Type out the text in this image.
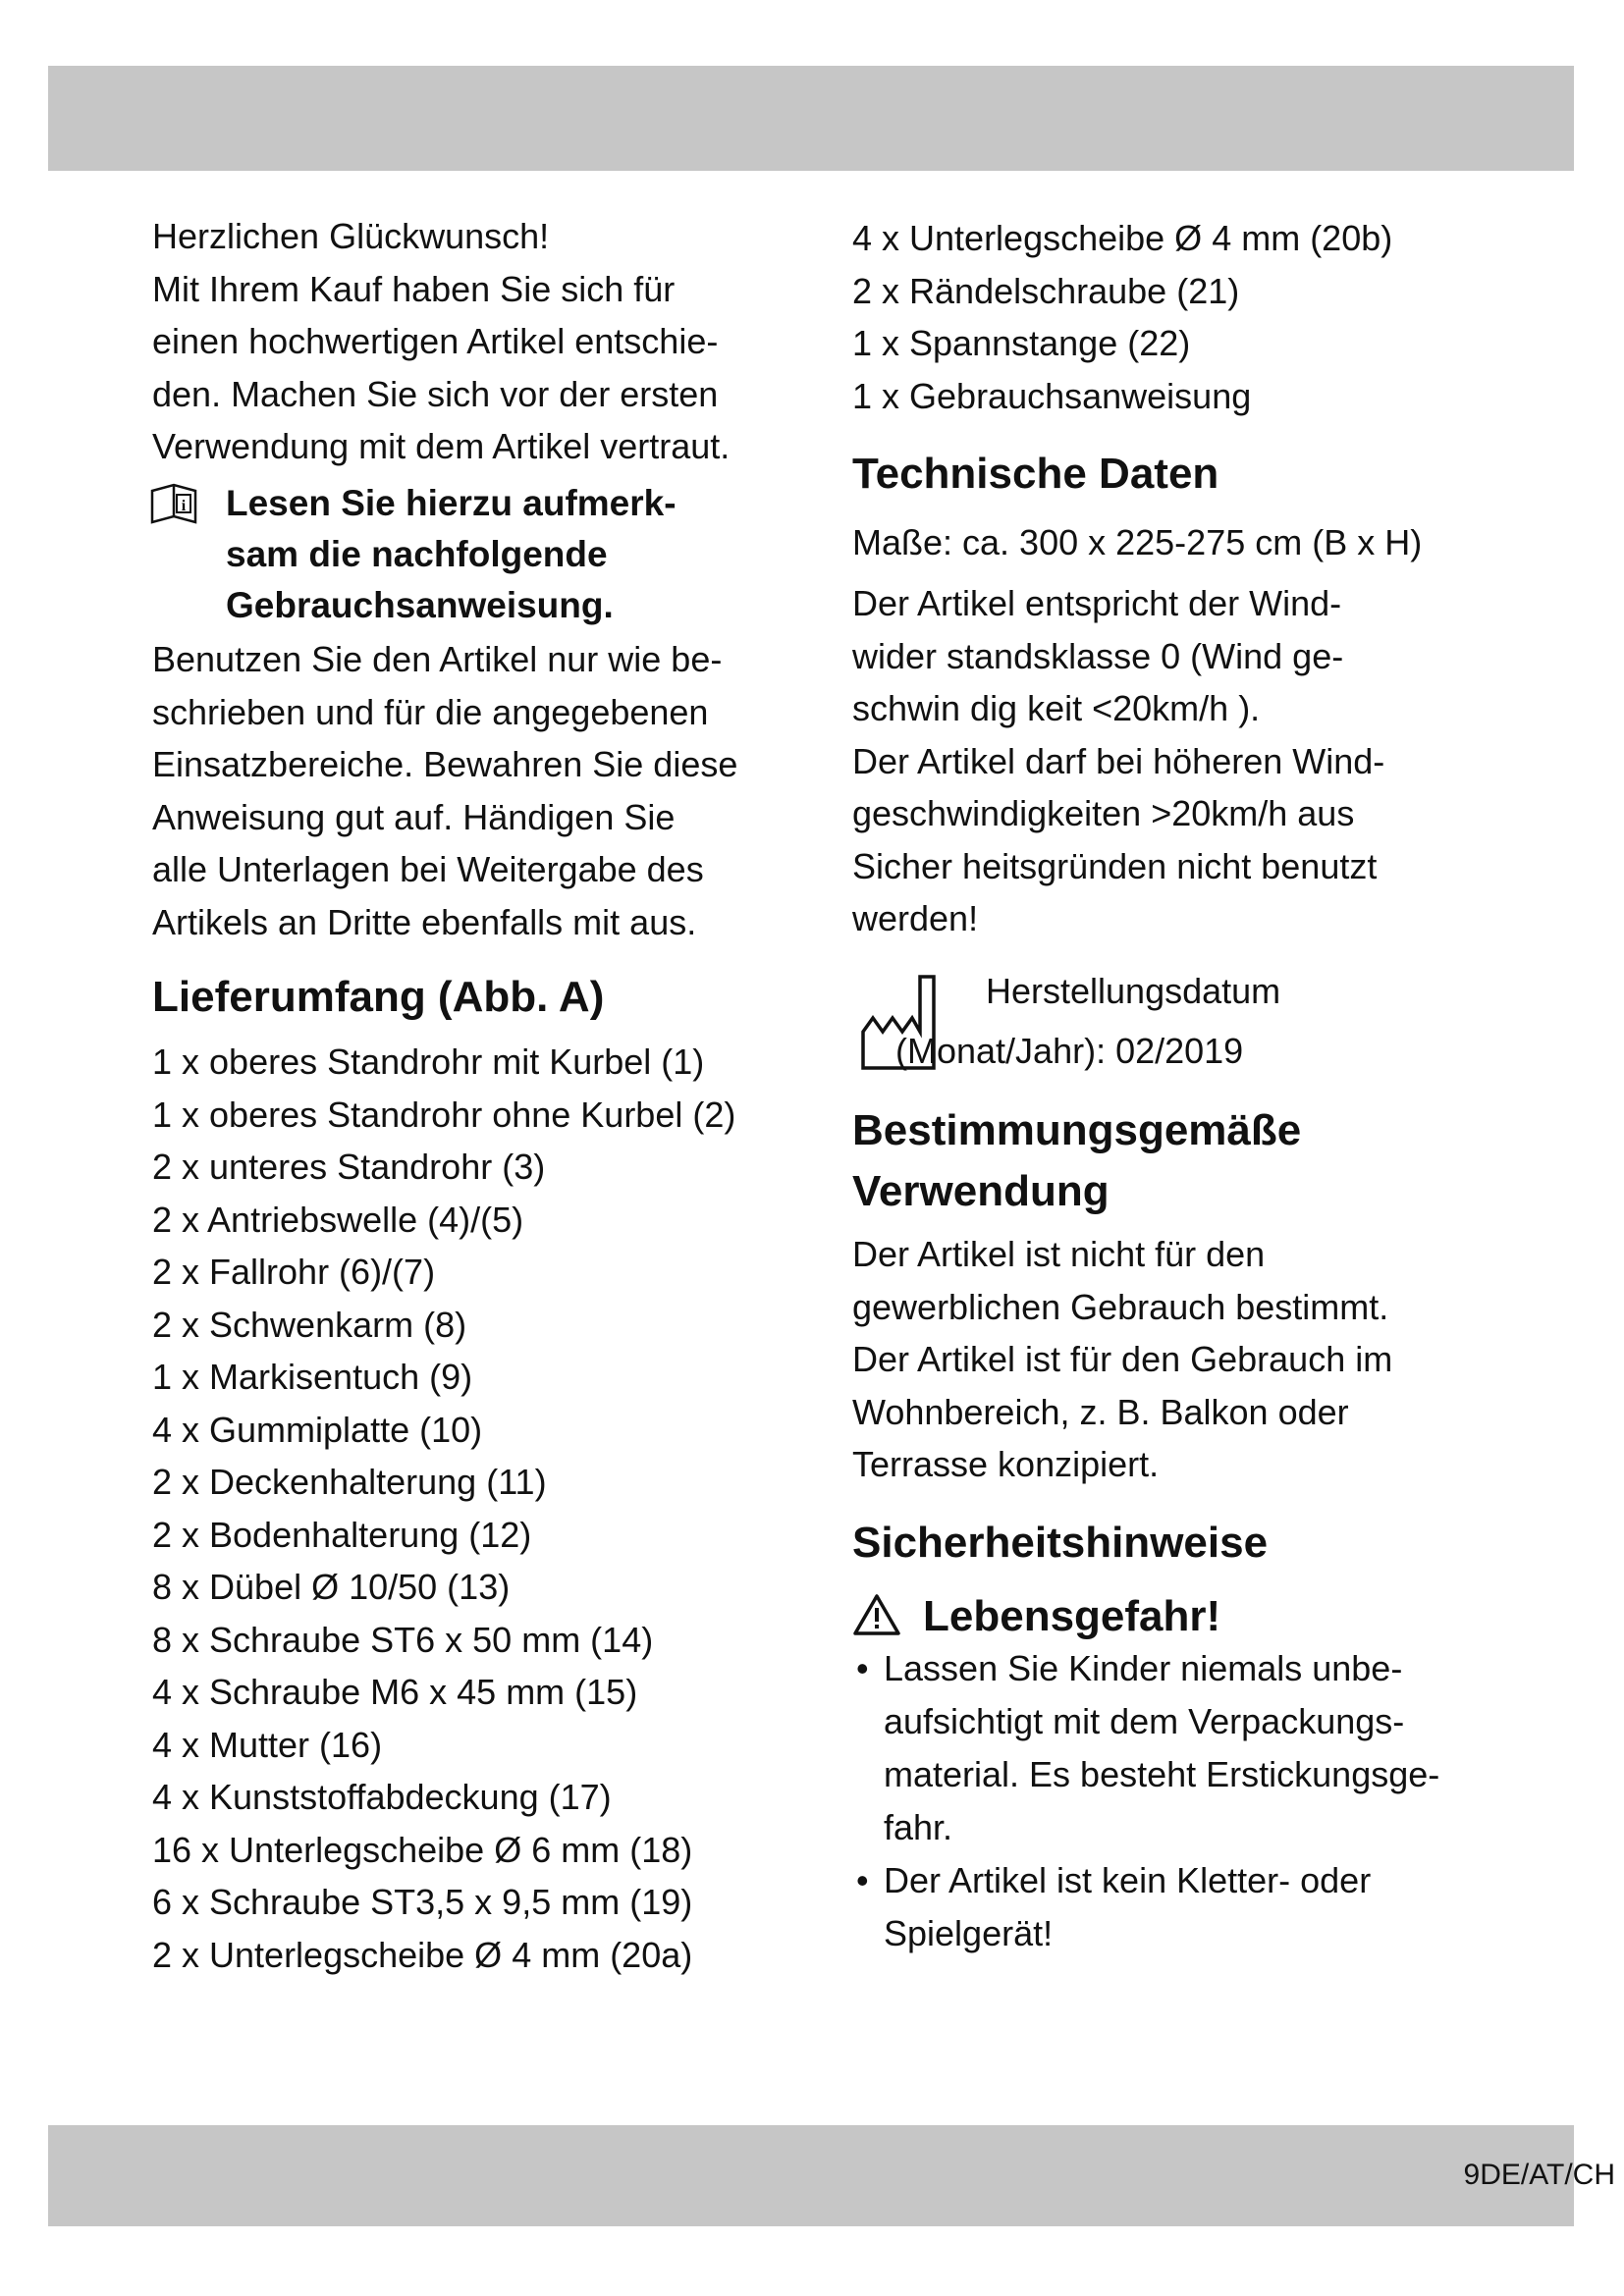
Herzlichen Glückwunsch!
Mit Ihrem Kauf haben Sie sich für
einen hochwertigen Artikel entschie-
den. Machen Sie sich vor der ersten
Verwendung mit dem Artikel vertraut.
i Lesen Sie hierzu aufmerk-
sam die nachfolgende
Gebrauchsanweisung.
Benutzen Sie den Artikel nur wie be-
schrieben und für die angegebenen
Einsatzbereiche. Bewahren Sie diese
Anweisung gut auf. Händigen Sie
alle Unterlagen bei Weitergabe des
Artikels an Dritte ebenfalls mit aus.
Lieferumfang (Abb. A)
1 x oberes Standrohr mit Kurbel (1)
1 x oberes Standrohr ohne Kurbel (2)
2 x unteres Standrohr (3)
2 x Antriebswelle (4)/(5)
2 x Fallrohr (6)/(7)
2 x Schwenkarm (8)
1 x Markisentuch (9)
4 x Gummiplatte (10)
2 x Deckenhalterung (11)
2 x Bodenhalterung (12)
8 x Dübel Ø 10/50 (13)
8 x Schraube ST6 x 50 mm (14)
4 x Schraube M6 x 45 mm (15)
4 x Mutter (16)
4 x Kunststoffabdeckung (17)
16 x Unterlegscheibe Ø 6 mm (18)
6 x Schraube ST3,5 x 9,5 mm (19)
2 x Unterlegscheibe Ø 4 mm (20a)
4 x Unterlegscheibe Ø 4 mm (20b)
2 x Rändelschraube (21)
1 x Spannstange (22)
1 x Gebrauchsanweisung
Technische Daten
Maße: ca. 300 x 225-275 cm (B x H)
Der Artikel entspricht der Wind-
wider standsklasse 0 (Wind ge-
schwin dig keit <20km/h ).
Der Artikel darf bei höheren Wind-
geschwindigkeiten >20km/h aus
Sicher heitsgründen nicht benutzt
werden!
Herstellungsdatum
(Monat/Jahr): 02/2019
Bestimmungsgemäße
Verwendung
Der Artikel ist nicht für den
gewerblichen Gebrauch bestimmt.
Der Artikel ist für den Gebrauch im
Wohnbereich, z. B. Balkon oder
Terrasse konzipiert.
Sicherheitshinweise
Lebensgefahr!
• Lassen Sie Kinder niemals unbe-
aufsichtigt mit dem Verpackungs-
material. Es besteht Erstickungsge-
fahr.
• Der Artikel ist kein Kletter- oder
Spielgerät!
9DE/AT/CH
